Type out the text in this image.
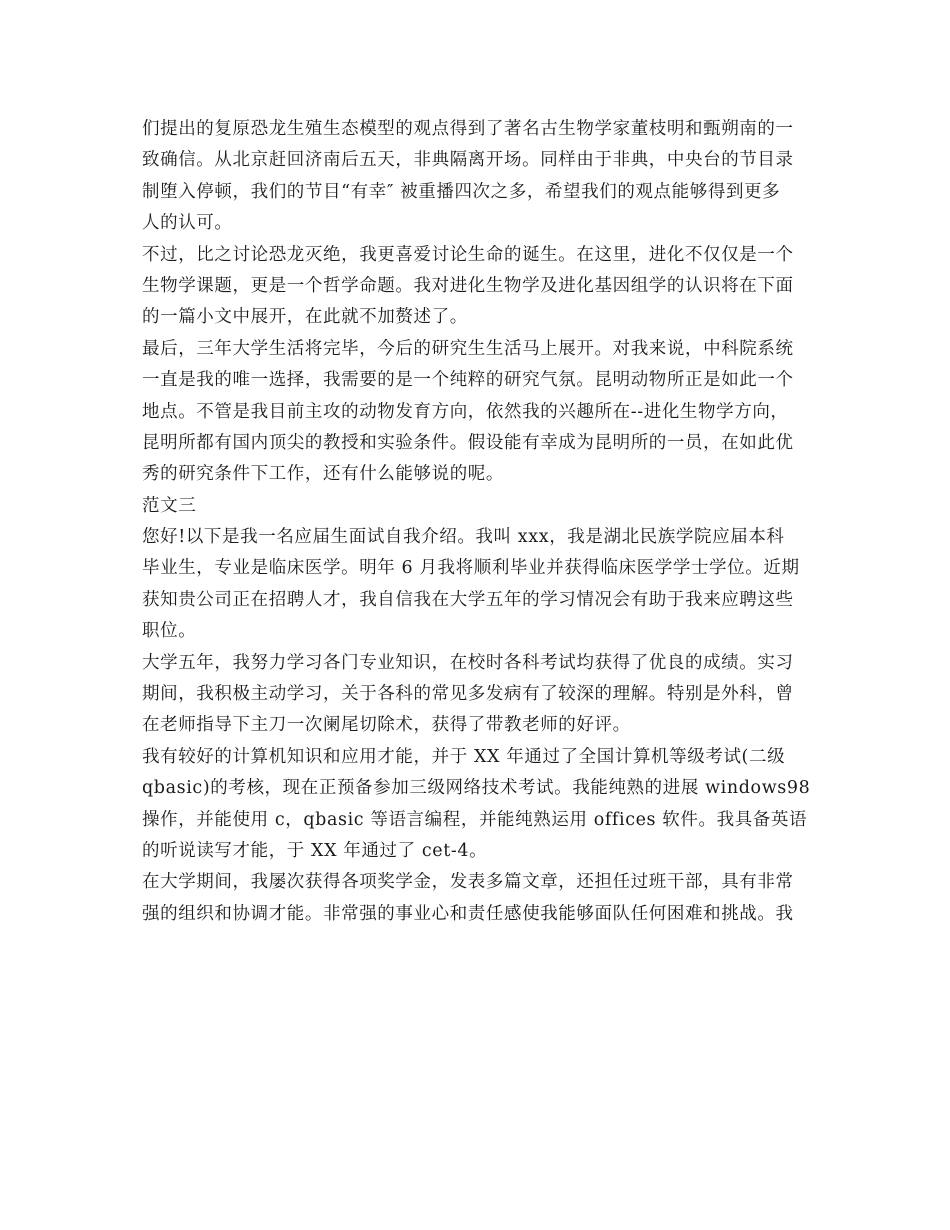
们提出的复原恐龙生殖生态模型的观点得到了著名古生物学家董枝明和甄朔南的一
致确信。从北京赶回济南后五天，非典隔离开场。同样由于非典，中央台的节目录
制堕入停顿，我们的节目“有幸″ 被重播四次之多，希望我们的观点能够得到更多
人的认可。
不过，比之讨论恐龙灭绝，我更喜爱讨论生命的诞生。在这里，进化不仅仅是一个
生物学课题，更是一个哲学命题。我对进化生物学及进化基因组学的认识将在下面
的一篇小文中展开，在此就不加赘述了。
最后，三年大学生活将完毕，今后的研究生生活马上展开。对我来说，中科院系统
一直是我的唯一选择，我需要的是一个纯粹的研究气氛。昆明动物所正是如此一个
地点。不管是我目前主攻的动物发育方向，依然我的兴趣所在--进化生物学方向，
昆明所都有国内顶尖的教授和实验条件。假设能有幸成为昆明所的一员，在如此优
秀的研究条件下工作，还有什么能够说的呢。
范文三
您好!以下是我一名应届生面试自我介绍。我叫 xxx，我是湖北民族学院应届本科
毕业生，专业是临床医学。明年 6 月我将顺利毕业并获得临床医学学士学位。近期
获知贵公司正在招聘人才，我自信我在大学五年的学习情况会有助于我来应聘这些
职位。
大学五年，我努力学习各门专业知识，在校时各科考试均获得了优良的成绩。实习
期间，我积极主动学习，关于各科的常见多发病有了较深的理解。特别是外科，曾
在老师指导下主刀一次阑尾切除术，获得了带教老师的好评。
我有较好的计算机知识和应用才能，并于 XX 年通过了全国计算机等级考试(二级
qbasic)的考核，现在正预备参加三级网络技术考试。我能纯熟的进展 windows98
操作，并能使用 c，qbasic 等语言编程，并能纯熟运用 offices 软件。我具备英语
的听说读写才能，于 XX 年通过了 cet-4。
在大学期间，我屡次获得各项奖学金，发表多篇文章，还担任过班干部，具有非常
强的组织和协调才能。非常强的事业心和责任感使我能够面队任何困难和挑战。我
